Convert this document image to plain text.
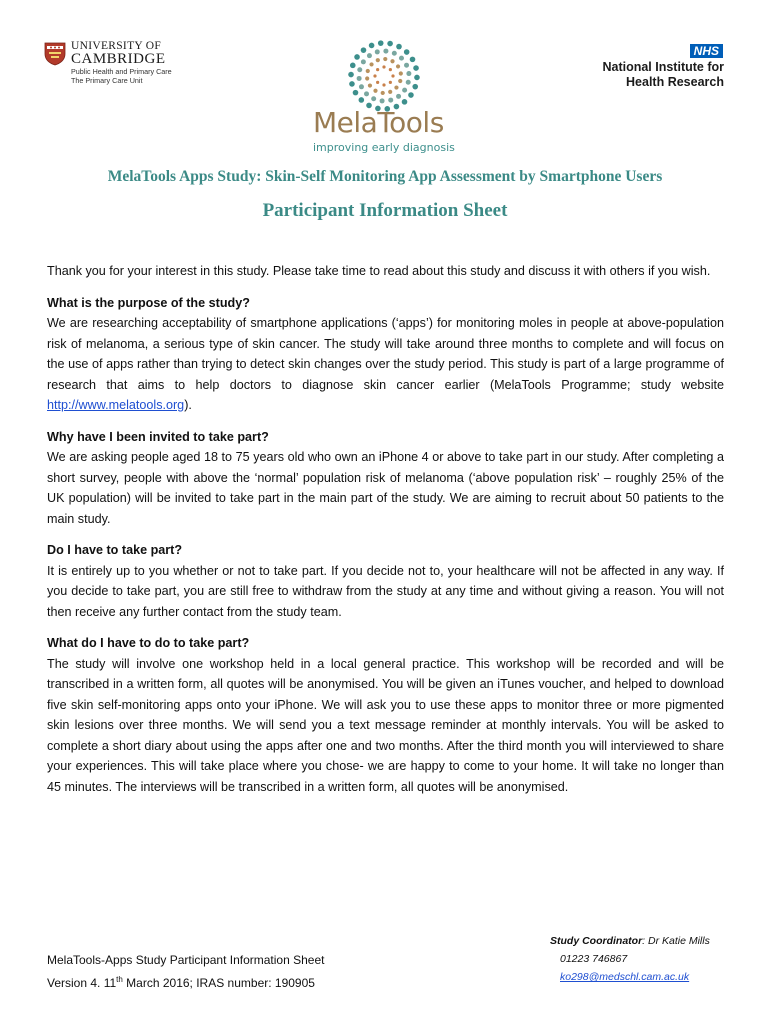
UNIVERSITY OF
CAMBRIDGE
Public Health and Primary Care
The Primary Care Unit
MelaTools
improving early diagnosis
NHS
National Institute for
Health Research
MelaTools Apps Study: Skin-Self Monitoring App Assessment by Smartphone Users
Participant Information Sheet

Thank you for your interest in this study. Please take time to read about this study and discuss it with others if you wish.

What is the purpose of the study?

We are researching acceptability of smartphone applications (‘apps’) for monitoring moles in people at above-population risk of melanoma, a serious type of skin cancer. The study will take around three months to complete and will focus on the use of apps rather than trying to detect skin changes over the study period. This study is part of a large programme of research that aims to help doctors to diagnose skin cancer earlier (MelaTools Programme; study website http://www.melatools.org).

Why have I been invited to take part?

We are asking people aged 18 to 75 years old who own an iPhone 4 or above to take part in our study. After completing a short survey, people with above the ‘normal’ population risk of melanoma (‘above population risk’ – roughly 25% of the UK population) will be invited to take part in the main part of the study. We are aiming to recruit about 50 patients to the main study.

Do I have to take part?

It is entirely up to you whether or not to take part. If you decide not to, your healthcare will not be affected in any way. If you decide to take part, you are still free to withdraw from the study at any time and without giving a reason. You will not then receive any further contact from the study team.

What do I have to do to take part?

The study will involve one workshop held in a local general practice. This workshop will be recorded and will be transcribed in a written form, all quotes will be anonymised. You will be given an iTunes voucher, and helped to download five skin self-monitoring apps onto your iPhone. We will ask you to use these apps to monitor three or more pigmented skin lesions over three months. We will send you a text message reminder at monthly intervals. You will be asked to complete a short diary about using the apps after one and two months. After the third month you will interviewed to share your experiences. This will take place where you chose- we are happy to come to your home. It will take no longer than 45 minutes. The interviews will be transcribed in a written form, all quotes will be anonymised.

MelaTools-Apps Study Participant Information Sheet
Version 4. 11th March 2016; IRAS number: 190905
Study Coordinator: Dr Katie Mills
01223 746867
ko298@medschl.cam.ac.uk
